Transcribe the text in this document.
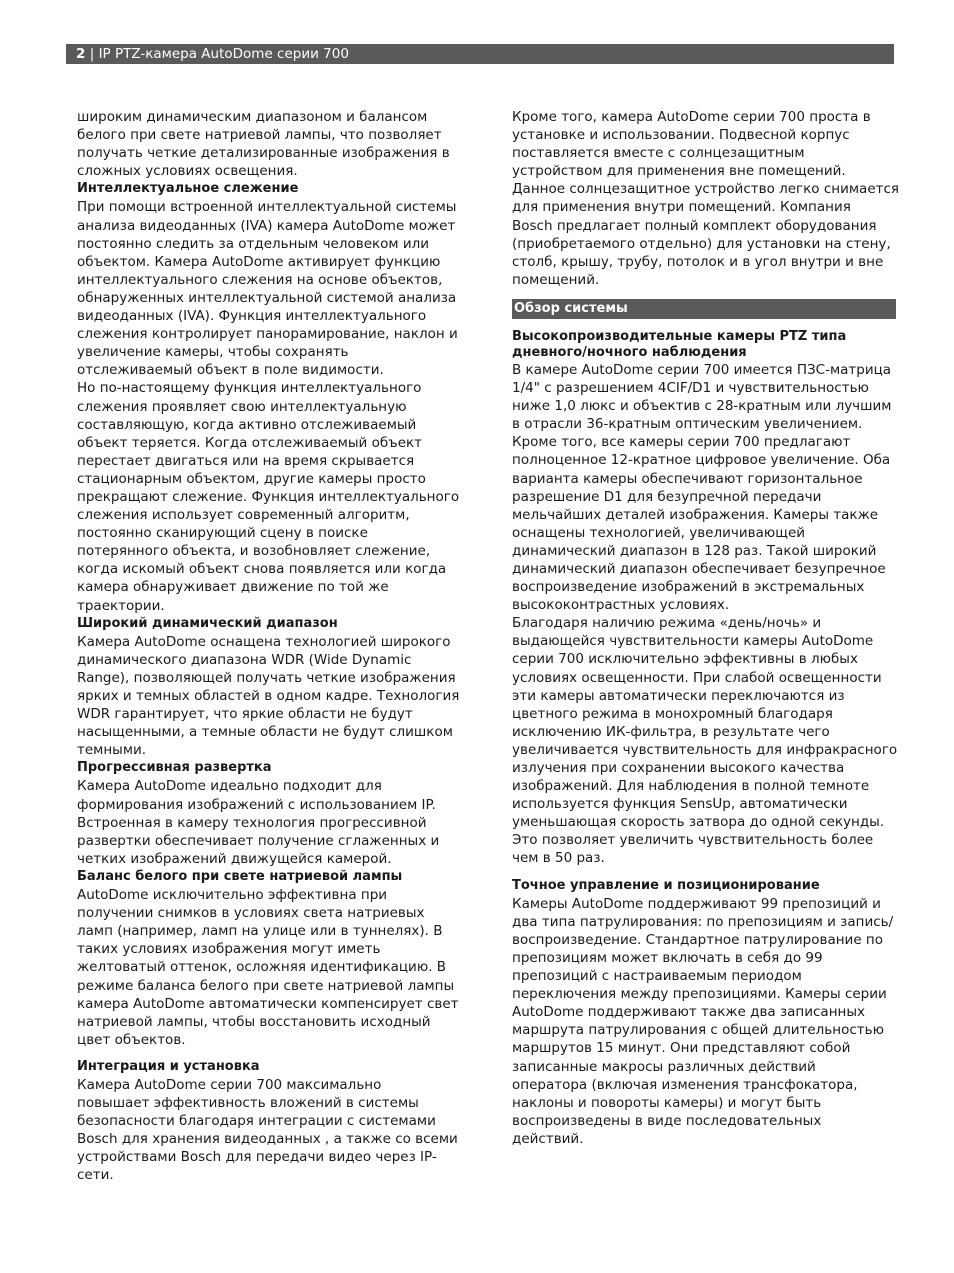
2 | IP PTZ-камера AutoDome серии 700

широким динамическим диапазоном и балансом
белого при свете натриевой лампы, что позволяет
получать четкие детализированные изображения в
сложных условиях освещения.

Интеллектуальное слежение

При помощи встроенной интеллектуальной системы
анализа видеоданных (IVA) камера AutoDome может
постоянно следить за отдельным человеком или
объектом. Камера AutoDome активирует функцию
интеллектуального слежения на основе объектов,
обнаруженных интеллектуальной системой анализа
видеоданных (IVA). Функция интеллектуального
слежения контролирует панорамирование, наклон и
увеличение камеры, чтобы сохранять
отслеживаемый объект в поле видимости.

Но по-настоящему функция интеллектуального
слежения проявляет свою интеллектуальную
составляющую, когда активно отслеживаемый
объект теряется. Когда отслеживаемый объект
перестает двигаться или на время скрывается
стационарным объектом, другие камеры просто
прекращают слежение. Функция интеллектуального
слежения использует современный алгоритм,
постоянно сканирующий сцену в поиске
потерянного объекта, и возобновляет слежение,
когда искомый объект снова появляется или когда
камера обнаруживает движение по той же
траектории.

Широкий динамический диапазон

Камера AutoDome оснащена технологией широкого
динамического диапазона WDR (Wide Dynamic
Range), позволяющей получать четкие изображения
ярких и темных областей в одном кадре. Технология
WDR гарантирует, что яркие области не будут
насыщенными, а темные области не будут слишком
темными.

Прогрессивная развертка

Камера AutoDome идеально подходит для
формирования изображений с использованием IP.
Встроенная в камеру технология прогрессивной
развертки обеспечивает получение сглаженных и
четких изображений движущейся камерой.

Баланс белого при свете натриевой лампы

AutoDome исключительно эффективна при
получении снимков в условиях света натриевых
ламп (например, ламп на улице или в туннелях). В
таких условиях изображения могут иметь
желтоватый оттенок, осложняя идентификацию. В
режиме баланса белого при свете натриевой лампы
камера AutoDome автоматически компенсирует свет
натриевой лампы, чтобы восстановить исходный
цвет объектов.

Интеграция и установка

Камера AutoDome серии 700 максимально
повышает эффективность вложений в системы
безопасности благодаря интеграции с системами
Bosch для хранения видеоданных , а также со всеми
устройствами Bosch для передачи видео через IP-
сети.

Кроме того, камера AutoDome серии 700 проста в
установке и использовании. Подвесной корпус
поставляется вместе с солнцезащитным
устройством для применения вне помещений.
Данное солнцезащитное устройство легко снимается
для применения внутри помещений. Компания
Bosch предлагает полный комплект оборудования
(приобретаемого отдельно) для установки на стену,
столб, крышу, трубу, потолок и в угол внутри и вне
помещений.

Обзор системы

Высокопроизводительные камеры PTZ типа
дневного/ночного наблюдения

В камере AutoDome серии 700 имеется ПЗС-матрица
1/4" с разрешением 4CIF/D1 и чувствительностью
ниже 1,0 люкс и объектив с 28-кратным или лучшим
в отрасли 36-кратным оптическим увеличением.
Кроме того, все камеры серии 700 предлагают
полноценное 12-кратное цифровое увеличение. Оба
варианта камеры обеспечивают горизонтальное
разрешение D1 для безупречной передачи
мельчайших деталей изображения. Камеры также
оснащены технологией, увеличивающей
динамический диапазон в 128 раз. Такой широкий
динамический диапазон обеспечивает безупречное
воспроизведение изображений в экстремальных
высококонтрастных условиях.

Благодаря наличию режима «день/ночь» и
выдающейся чувствительности камеры AutoDome
серии 700 исключительно эффективны в любых
условиях освещенности. При слабой освещенности
эти камеры автоматически переключаются из
цветного режима в монохромный благодаря
исключению ИК-фильтра, в результате чего
увеличивается чувствительность для инфракрасного
излучения при сохранении высокого качества
изображений. Для наблюдения в полной темноте
используется функция SensUp, автоматически
уменьшающая скорость затвора до одной секунды.
Это позволяет увеличить чувствительность более
чем в 50 раз.

Точное управление и позиционирование

Камеры AutoDome поддерживают 99 препозиций и
два типа патрулирования: по препозициям и запись/
воспроизведение. Стандартное патрулирование по
препозициям может включать в себя до 99
препозиций с настраиваемым периодом
переключения между препозициями. Камеры серии
AutoDome поддерживают также два записанных
маршрута патрулирования с общей длительностью
маршрутов 15 минут. Они представляют собой
записанные макросы различных действий
оператора (включая изменения трансфокатора,
наклоны и повороты камеры) и могут быть
воспроизведены в виде последовательных
действий.
